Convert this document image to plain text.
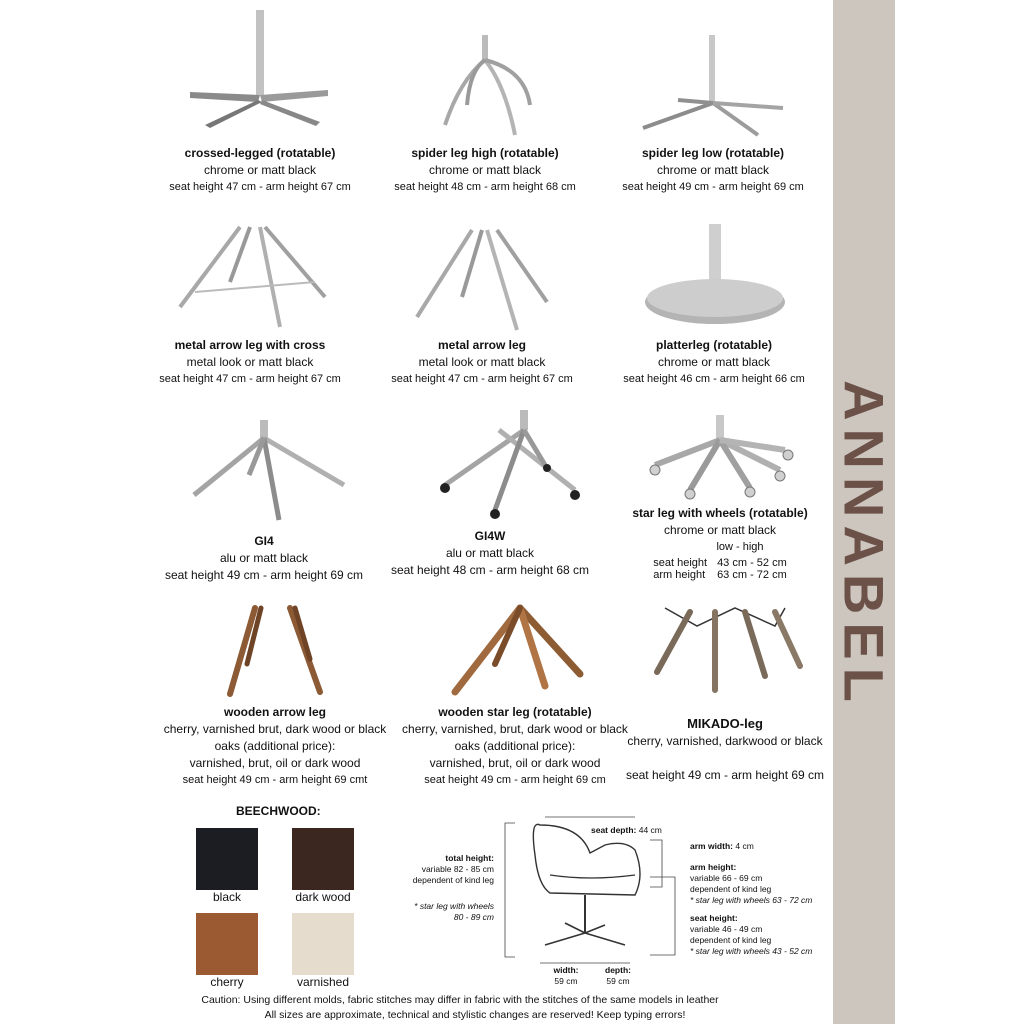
ANNABEL
crossed-legged (rotatable)
chrome or matt black
seat height 47 cm - arm height 67 cm
spider leg high (rotatable)
chrome or matt black
seat height 48 cm - arm height 68 cm
spider leg low (rotatable)
chrome or matt black
seat height 49 cm - arm height 69 cm
metal arrow leg with cross
metal look or matt black
seat height 47 cm - arm height 67 cm
metal arrow leg
metal look or matt black
seat height 47 cm - arm height 67 cm
platterleg (rotatable)
chrome or matt black
seat height 46 cm - arm height 66 cm
GI4
alu or matt black
seat height 49 cm - arm height 69 cm
GI4W
alu or matt black
seat height 48 cm - arm height 68 cm
star leg with wheels (rotatable)
chrome or matt black
low - high
seat height 43 cm - 52 cm
arm height 63 cm - 72 cm
wooden arrow leg
cherry, varnished brut, dark wood or black
oaks (additional price):
varnished, brut, oil or dark wood
seat height 49 cm - arm height 69 cmt
wooden star leg (rotatable)
cherry, varnished, brut, dark wood or black
oaks (additional price):
varnished, brut, oil or dark wood
seat height 49 cm - arm height 69 cm
MIKADO-leg
cherry, varnished, darkwood or black
seat height 49 cm - arm height 69 cm
BEECHWOOD:
black	dark wood
cherry	varnished
seat depth: 44 cm
arm width: 4 cm
total height:
variable 82 - 85 cm
dependent of kind leg
* star leg with wheels
80 - 89 cm
arm height:
variable 66 - 69 cm
dependent of kind leg
* star leg with wheels 63 - 72 cm
seat height:
variable 46 - 49 cm
dependent of kind leg
* star leg with wheels 43 - 52 cm
width:
59 cm
depth:
59 cm
Caution: Using different molds, fabric stitches may differ in fabric with the stitches of the same models in leather
All sizes are approximate, technical and stylistic changes are reserved! Keep typing errors!
